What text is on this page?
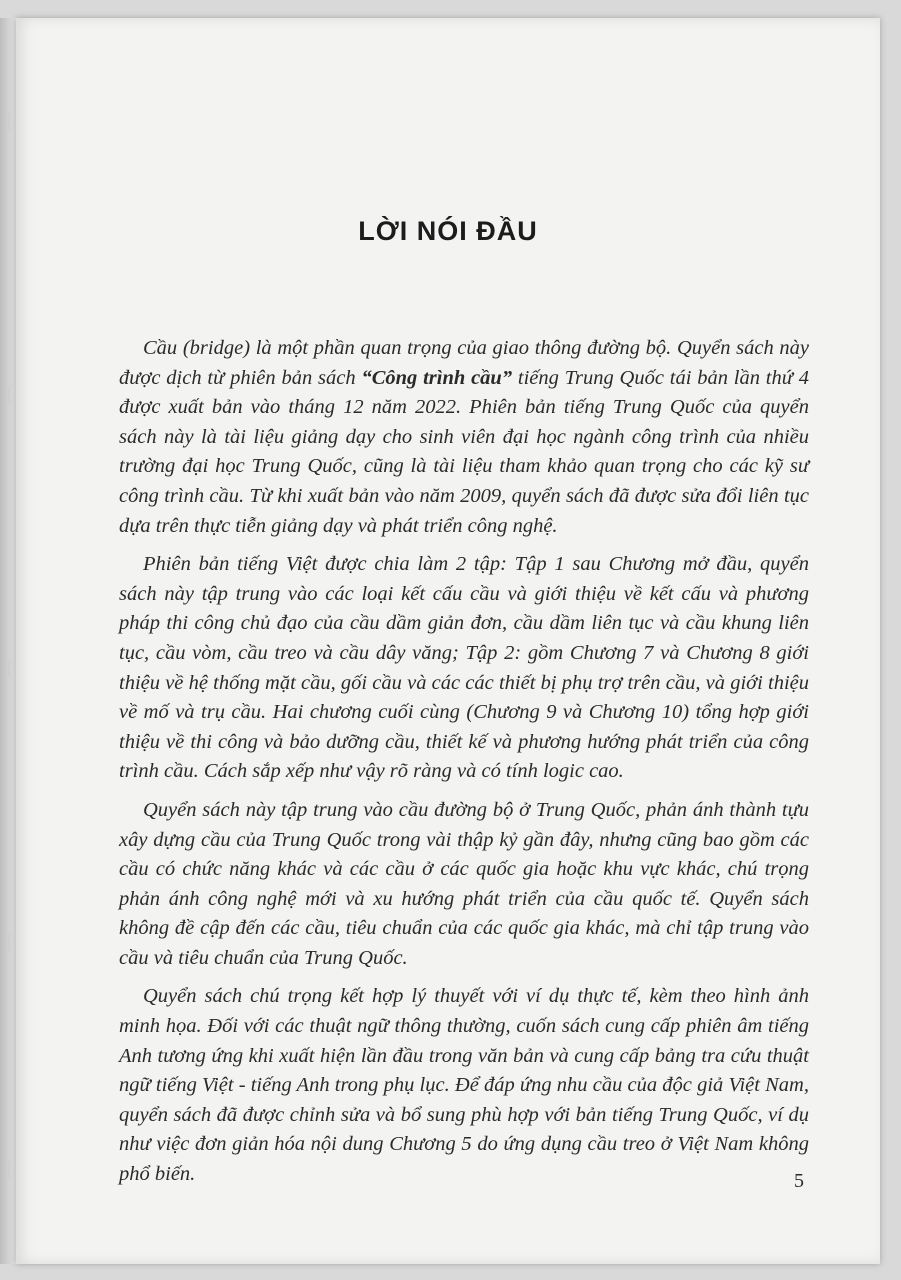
LỜI NÓI ĐẦU

Cầu (bridge) là một phần quan trọng của giao thông đường bộ. Quyển sách này được dịch từ phiên bản sách “Công trình cầu” tiếng Trung Quốc tái bản lần thứ 4 được xuất bản vào tháng 12 năm 2022. Phiên bản tiếng Trung Quốc của quyển sách này là tài liệu giảng dạy cho sinh viên đại học ngành công trình của nhiều trường đại học Trung Quốc, cũng là tài liệu tham khảo quan trọng cho các kỹ sư công trình cầu. Từ khi xuất bản vào năm 2009, quyển sách đã được sửa đổi liên tục dựa trên thực tiễn giảng dạy và phát triển công nghệ.

Phiên bản tiếng Việt được chia làm 2 tập: Tập 1 sau Chương mở đầu, quyển sách này tập trung vào các loại kết cấu cầu và giới thiệu về kết cấu và phương pháp thi công chủ đạo của cầu dầm giản đơn, cầu dầm liên tục và cầu khung liên tục, cầu vòm, cầu treo và cầu dây văng; Tập 2: gồm Chương 7 và Chương 8 giới thiệu về hệ thống mặt cầu, gối cầu và các các thiết bị phụ trợ trên cầu, và giới thiệu về mố và trụ cầu. Hai chương cuối cùng (Chương 9 và Chương 10) tổng hợp giới thiệu về thi công và bảo dưỡng cầu, thiết kế và phương hướng phát triển của công trình cầu. Cách sắp xếp như vậy rõ ràng và có tính logic cao.

Quyển sách này tập trung vào cầu đường bộ ở Trung Quốc, phản ánh thành tựu xây dựng cầu của Trung Quốc trong vài thập kỷ gần đây, nhưng cũng bao gồm các cầu có chức năng khác và các cầu ở các quốc gia hoặc khu vực khác, chú trọng phản ánh công nghệ mới và xu hướng phát triển của cầu quốc tế. Quyển sách không đề cập đến các cầu, tiêu chuẩn của các quốc gia khác, mà chỉ tập trung vào cầu và tiêu chuẩn của Trung Quốc.

Quyển sách chú trọng kết hợp lý thuyết với ví dụ thực tế, kèm theo hình ảnh minh họa. Đối với các thuật ngữ thông thường, cuốn sách cung cấp phiên âm tiếng Anh tương ứng khi xuất hiện lần đầu trong văn bản và cung cấp bảng tra cứu thuật ngữ tiếng Việt - tiếng Anh trong phụ lục. Để đáp ứng nhu cầu của độc giả Việt Nam, quyển sách đã được chỉnh sửa và bổ sung phù hợp với bản tiếng Trung Quốc, ví dụ như việc đơn giản hóa nội dung Chương 5 do ứng dụng cầu treo ở Việt Nam không phổ biến.	5
